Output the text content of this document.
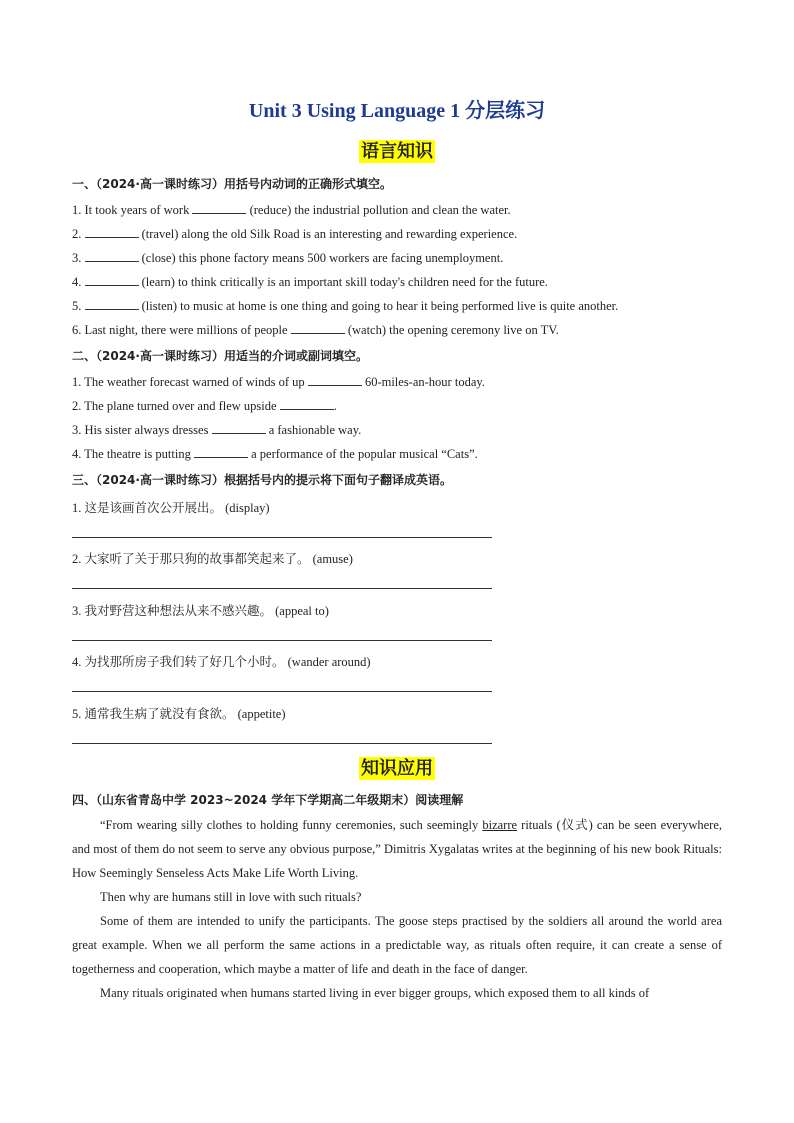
Unit 3 Using Language 1 分层练习
语言知识
一、（2024·高一课时练习）用括号内动词的正确形式填空。
1. It took years of work	(reduce) the industrial pollution and clean the water.
2.	(travel) along the old Silk Road is an interesting and rewarding experience.
3.	(close) this phone factory means 500 workers are facing unemployment.
4.	(learn) to think critically is an important skill today's children need for the future.
5.	(listen) to music at home is one thing and going to hear it being performed live is quite another.
6. Last night, there were millions of people	(watch) the opening ceremony live on TV.
二、（2024·高一课时练习）用适当的介词或副词填空。
1. The weather forecast warned of winds of up	60-miles-an-hour today.
2. The plane turned over and flew upside	.
3. His sister always dresses	a fashionable way.
4. The theatre is putting	a performance of the popular musical “Cats”.
三、（2024·高一课时练习）根据括号内的提示将下面句子翻译成英语。
1. 这是该画首次公开展出。 (display)
2. 大家听了关于那只狗的故事都笑起来了。 (amuse)
3. 我对野营这种想法从来不感兴趣。 (appeal to)
4. 为找那所房子我们转了好几个小时。 (wander around)
5. 通常我生病了就没有食欲。 (appetite)
知识应用
四、（山东省青岛中学 2023~2024 学年下学期高二年级期末）阅读理解

“From wearing silly clothes to holding funny ceremonies, such seemingly bizarre rituals (仪式) can be seen everywhere, and most of them do not seem to serve any obvious purpose,” Dimitris Xygalatas writes at the beginning of his new book Rituals: How Seemingly Senseless Acts Make Life Worth Living.

Then why are humans still in love with such rituals?

Some of them are intended to unify the participants. The goose steps practised by the soldiers all around the world area great example. When we all perform the same actions in a predictable way, as rituals often require, it can create a sense of togetherness and cooperation, which maybe a matter of life and death in the face of danger.

Many rituals originated when humans started living in ever bigger groups, which exposed them to all kinds of
